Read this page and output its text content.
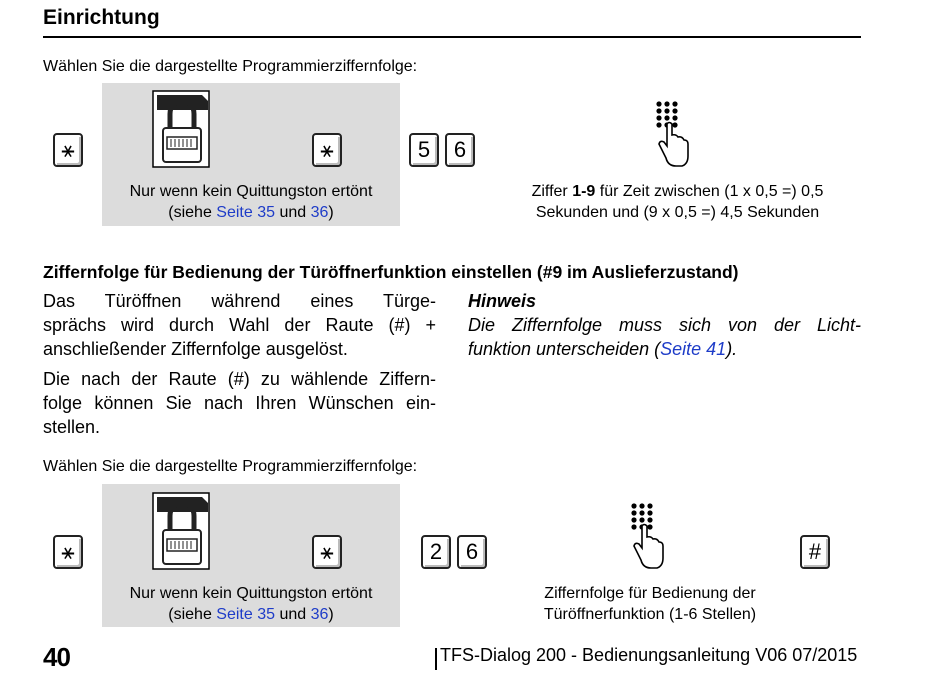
Einrichtung
Wählen Sie die dargestellte Programmierziffernfolge:
⚹	⚹
Nur wenn kein Quittungston ertönt
(siehe Seite 35 und 36)
5 6
Ziffer 1-9 für Zeit zwischen (1 x 0,5 =) 0,5
Sekunden und (9 x 0,5 =) 4,5 Sekunden
Ziffernfolge für Bedienung der Türöffnerfunktion einstellen (#9 im Auslieferzustand)
Das Türöffnen während eines Türge-
sprächs wird durch Wahl der Raute (#) +
anschließender Ziffernfolge ausgelöst.
Die nach der Raute (#) zu wählende Ziffern-
folge können Sie nach Ihren Wünschen ein-
stellen.
Hinweis
Die Ziffernfolge muss sich von der Licht-
funktion unterscheiden (Seite 41).
Wählen Sie die dargestellte Programmierziffernfolge:
⚹	⚹
Nur wenn kein Quittungston ertönt
(siehe Seite 35 und 36)
2 6
Ziffernfolge für Bedienung der
Türöffnerfunktion (1-6 Stellen)
#
40	TFS-Dialog 200 - Bedienungsanleitung V06 07/2015
